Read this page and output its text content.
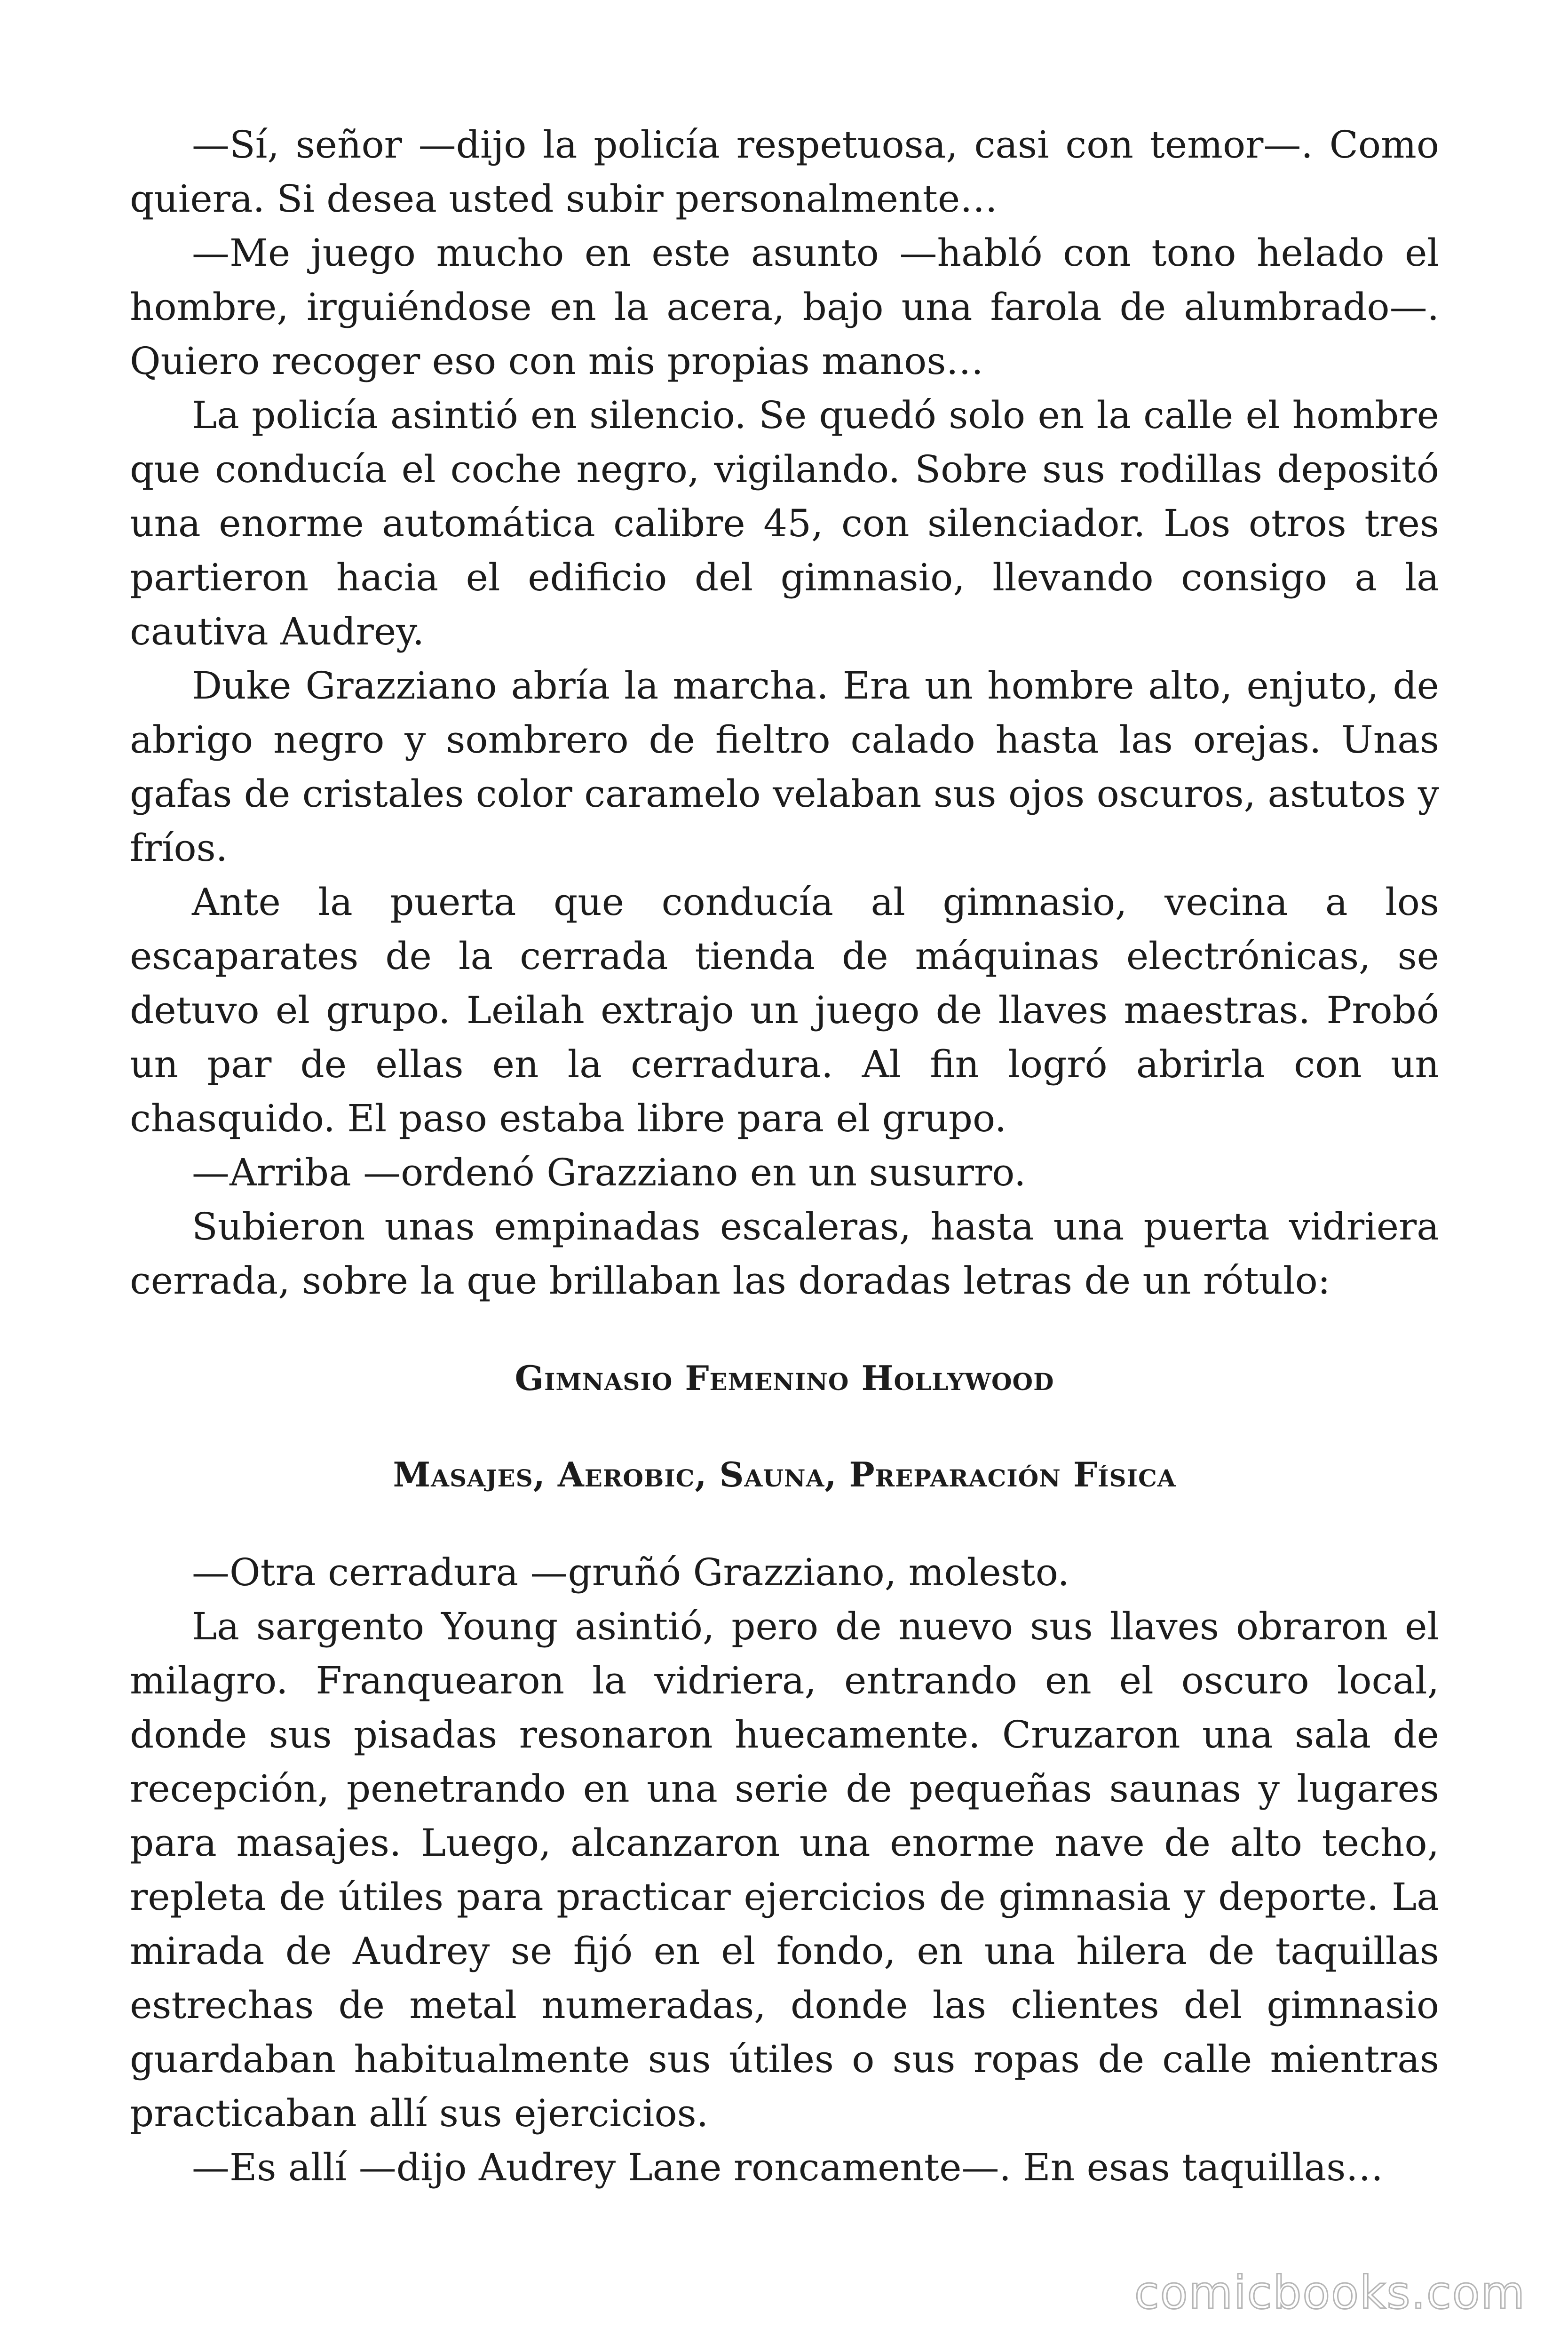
—Sí, señor —dijo la policía respetuosa, casi con temor—. Como quiera. Si desea usted subir personalmente…

—Me juego mucho en este asunto —habló con tono helado el hombre, irguiéndose en la acera, bajo una farola de alumbrado—. Quiero recoger eso con mis propias manos…

La policía asintió en silencio. Se quedó solo en la calle el hombre que conducía el coche negro, vigilando. Sobre sus rodillas depositó una enorme automática calibre 45, con silenciador. Los otros tres partieron hacia el edificio del gimnasio, llevando consigo a la cautiva Audrey.

Duke Grazziano abría la marcha. Era un hombre alto, enjuto, de abrigo negro y sombrero de fieltro calado hasta las orejas. Unas gafas de cristales color caramelo velaban sus ojos oscuros, astutos y fríos.

Ante la puerta que conducía al gimnasio, vecina a los escaparates de la cerrada tienda de máquinas electrónicas, se detuvo el grupo. Leilah extrajo un juego de llaves maestras. Probó un par de ellas en la cerradura. Al fin logró abrirla con un chasquido. El paso estaba libre para el grupo.

—Arriba —ordenó Grazziano en un susurro.

Subieron unas empinadas escaleras, hasta una puerta vidriera cerrada, sobre la que brillaban las doradas letras de un rótulo:

Gimnasio Femenino Hollywood

Masajes, Aerobic, Sauna, Preparación Física

—Otra cerradura —gruñó Grazziano, molesto.

La sargento Young asintió, pero de nuevo sus llaves obraron el milagro. Franquearon la vidriera, entrando en el oscuro local, donde sus pisadas resonaron huecamente. Cruzaron una sala de recepción, penetrando en una serie de pequeñas saunas y lugares para masajes. Luego, alcanzaron una enorme nave de alto techo, repleta de útiles para practicar ejercicios de gimnasia y deporte. La mirada de Audrey se fijó en el fondo, en una hilera de taquillas estrechas de metal numeradas, donde las clientes del gimnasio guardaban habitualmente sus útiles o sus ropas de calle mientras practicaban allí sus ejercicios.

—Es allí —dijo Audrey Lane roncamente—. En esas taquillas…

comicbooks.com
